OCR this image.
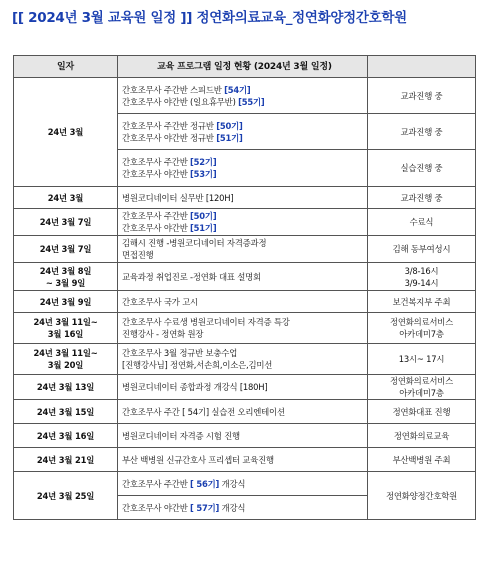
[[ 2024년 3월 교육원 일정 ]] 정연화의료교육_정연화양정간호학원
일자	교육 프로그램 일정 현황 (2024년 3월 일정)	
24년 3월	간호조무사 주간반 스피드반 [54기]
간호조무사 야간반 (일요휴무반) [55기]	교과진행 중

	간호조무사 주간반 정규반 [50기]
간호조무사 야간반 정규반 [51기]	교과진행 중

	간호조무사 주간반 [52기]
간호조무사 야간반 [53기]	실습진행 중

24년 3월	병원코디네이터 실무반 [120H]	교과진행 중

24년 3월 7일	간호조무사 주간반 [50기]
간호조무사 야간반 [51기]	수료식

24년 3월 7일	김해시 진행 -병원코디네이터 자격증과정
면접진행	김해 동부여성시

24년 3월 8일
~ 3월 9일	교육과정 취업진로 -정연화 대표 설명회	3/8-16시
3/9-14시

24년 3월 9일	간호조무사 국가 고시	보건복지부 주최

24년 3월 11일~
3월 16일	간호조무사 수료생 병원코디네이터 자격증 특강
진행강사 - 정연화 원장	정연화의료서비스
아카데미7층

24년 3월 11일~
3월 20일	간호조무사 3월 정규반 보충수업
[진행강사님] 정연화,서손희,이소은,김미선	13시~ 17시

24년 3월 13일	병원코디네이터 종합과정 개강식 [180H]	정연화의료서비스
아카데미7층

24년 3월 15일	간호조무사 주간 [ 54기] 실습전 오리엔테이션	정연화대표 진행

24년 3월 16일	병원코디네이터 자격증 시험 진행	정연화의료교육

24년 3월 21일	부산 백병원 신규간호사 프리셉터 교육진행	부산백병원 주최

24년 3월 25일	간호조무사 주간반 [ 56기] 개강식	정연화양정간호학원

	간호조무사 야간반 [ 57기] 개강식	
